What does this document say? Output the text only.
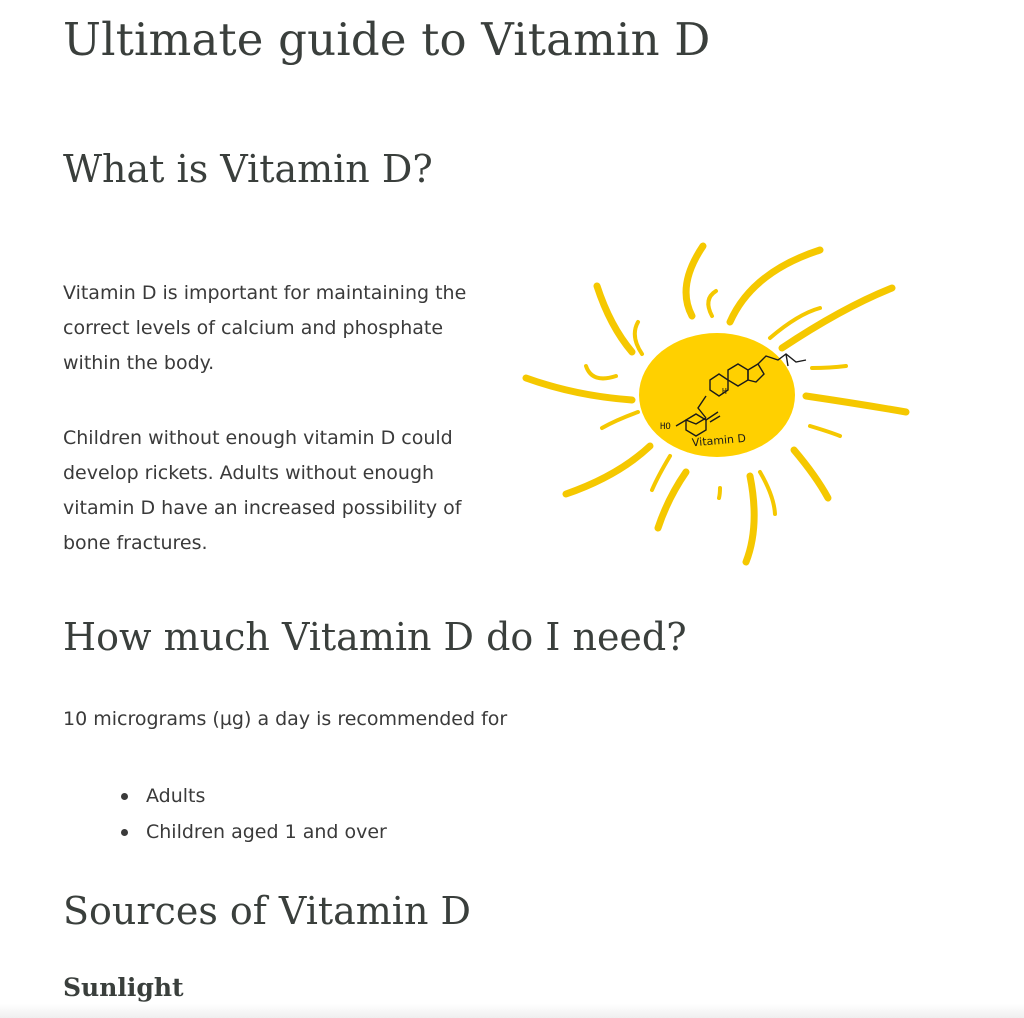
Ultimate guide to Vitamin D
What is Vitamin D?

Vitamin D is important for maintaining the correct levels of calcium and phosphate within the body.

Children without enough vitamin D could develop rickets. Adults without enough vitamin D have an increased possibility of bone fractures.

HO
H
Vitamin D
How much Vitamin D do I need?

10 micrograms (µg) a day is recommended for

Adults
Children aged 1 and over
Sources of Vitamin D
Sunlight
